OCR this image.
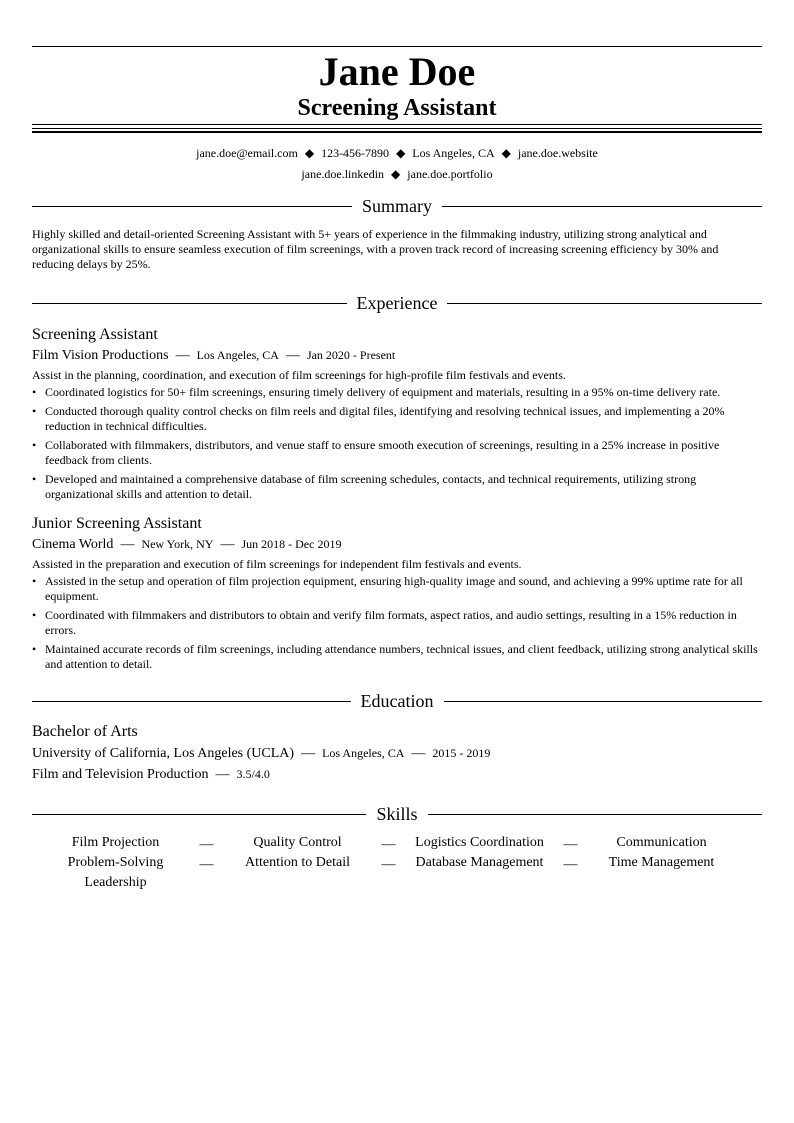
Jane Doe
Screening Assistant
jane.doe@email.com ◆ 123-456-7890 ◆ Los Angeles, CA ◆ jane.doe.website
jane.doe.linkedin ◆ jane.doe.portfolio
Summary
Highly skilled and detail-oriented Screening Assistant with 5+ years of experience in the filmmaking industry, utilizing strong analytical and organizational skills to ensure seamless execution of film screenings, with a proven track record of increasing screening efficiency by 30% and reducing delays by 25%.
Experience
Screening Assistant
Film Vision Productions — Los Angeles, CA — Jan 2020 - Present
Assist in the planning, coordination, and execution of film screenings for high-profile film festivals and events.
• Coordinated logistics for 50+ film screenings, ensuring timely delivery of equipment and materials, resulting in a 95% on-time delivery rate.
• Conducted thorough quality control checks on film reels and digital files, identifying and resolving technical issues, and implementing a 20% reduction in technical difficulties.
• Collaborated with filmmakers, distributors, and venue staff to ensure smooth execution of screenings, resulting in a 25% increase in positive feedback from clients.
• Developed and maintained a comprehensive database of film screening schedules, contacts, and technical requirements, utilizing strong organizational skills and attention to detail.
Junior Screening Assistant
Cinema World — New York, NY — Jun 2018 - Dec 2019
Assisted in the preparation and execution of film screenings for independent film festivals and events.
• Assisted in the setup and operation of film projection equipment, ensuring high-quality image and sound, and achieving a 99% uptime rate for all equipment.
• Coordinated with filmmakers and distributors to obtain and verify film formats, aspect ratios, and audio settings, resulting in a 15% reduction in errors.
• Maintained accurate records of film screenings, including attendance numbers, technical issues, and client feedback, utilizing strong analytical skills and attention to detail.
Education
Bachelor of Arts
University of California, Los Angeles (UCLA) — Los Angeles, CA — 2015 - 2019
Film and Television Production — 3.5/4.0
Skills
Film Projection	—	Quality Control	—	Logistics Coordination	—	Communication
Problem-Solving	—	Attention to Detail	—	Database Management	—	Time Management
Leadership
